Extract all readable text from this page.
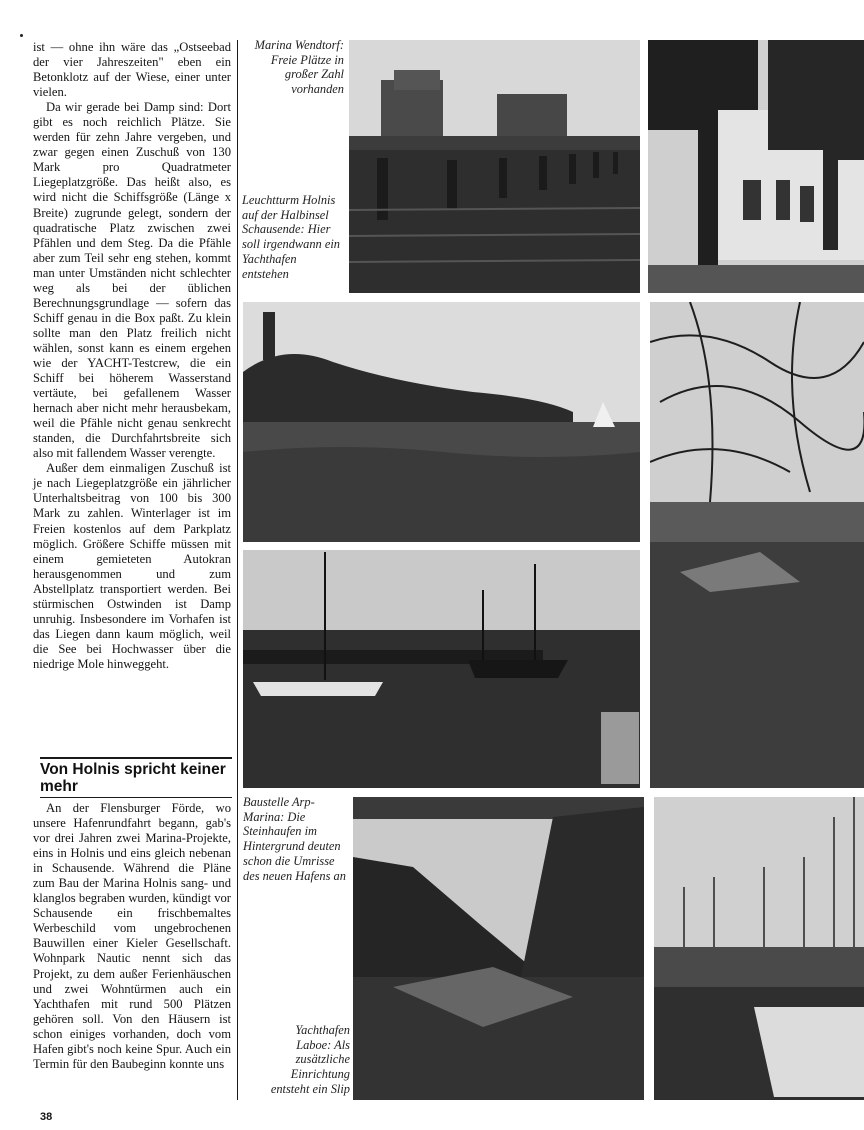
ist — ohne ihn wäre das „Ostseebad der vier Jahreszeiten" eben ein Betonklotz auf der Wiese, einer unter vielen.

Da wir gerade bei Damp sind: Dort gibt es noch reichlich Plätze. Sie werden für zehn Jahre vergeben, und zwar gegen einen Zuschuß von 130 Mark pro Quadratmeter Liegeplatzgröße. Das heißt also, es wird nicht die Schiffsgröße (Länge x Breite) zugrunde gelegt, sondern der quadratische Platz zwischen zwei Pfählen und dem Steg. Da die Pfähle aber zum Teil sehr eng stehen, kommt man unter Umständen nicht schlechter weg als bei der üblichen Berechnungsgrundlage — sofern das Schiff genau in die Box paßt. Zu klein sollte man den Platz freilich nicht wählen, sonst kann es einem ergehen wie der YACHT-Testcrew, die ein Schiff bei höherem Wasserstand vertäute, bei gefallenem Wasser hernach aber nicht mehr herausbekam, weil die Pfähle nicht genau senkrecht standen, die Durchfahrtsbreite sich also mit fallendem Wasser verengte.

Außer dem einmaligen Zuschuß ist je nach Liegeplatzgröße ein jährlicher Unterhaltsbeitrag von 100 bis 300 Mark zu zahlen. Winterlager ist im Freien kostenlos auf dem Parkplatz möglich. Größere Schiffe müssen mit einem gemieteten Autokran herausgenommen und zum Abstellplatz transportiert werden. Bei stürmischen Ostwinden ist Damp unruhig. Insbesondere im Vorhafen ist das Liegen dann kaum möglich, weil die See bei Hochwasser über die niedrige Mole hinweggeht.

Von Holnis spricht keiner mehr

An der Flensburger Förde, wo unsere Hafenrundfahrt begann, gab's vor drei Jahren zwei Marina-Projekte, eins in Holnis und eins gleich nebenan in Schausende. Während die Pläne zum Bau der Marina Holnis sang- und klanglos begraben wurden, kündigt vor Schausende ein frischbemaltes Werbeschild vom ungebrochenen Bauwillen einer Kieler Gesellschaft. Wohnpark Nautic nennt sich das Projekt, zu dem außer Ferienhäuschen und zwei Wohntürmen auch ein Yachthafen mit rund 500 Plätzen gehören soll. Von den Häusern ist schon einiges vorhanden, doch vom Hafen gibt's noch keine Spur. Auch ein Termin für den Baubeginn konnte uns

Marina Wendtorf: Freie Plätze in großer Zahl vorhanden
Leuchtturm Holnis auf der Halbinsel Schausende: Hier soll irgendwann ein Yachthafen entstehen
Baustelle Arp-Marina: Die Steinhaufen im Hintergrund deuten schon die Umrisse des neuen Hafens an
Yachthafen Laboe: Als zusätzliche Einrichtung entsteht ein Slip
38
